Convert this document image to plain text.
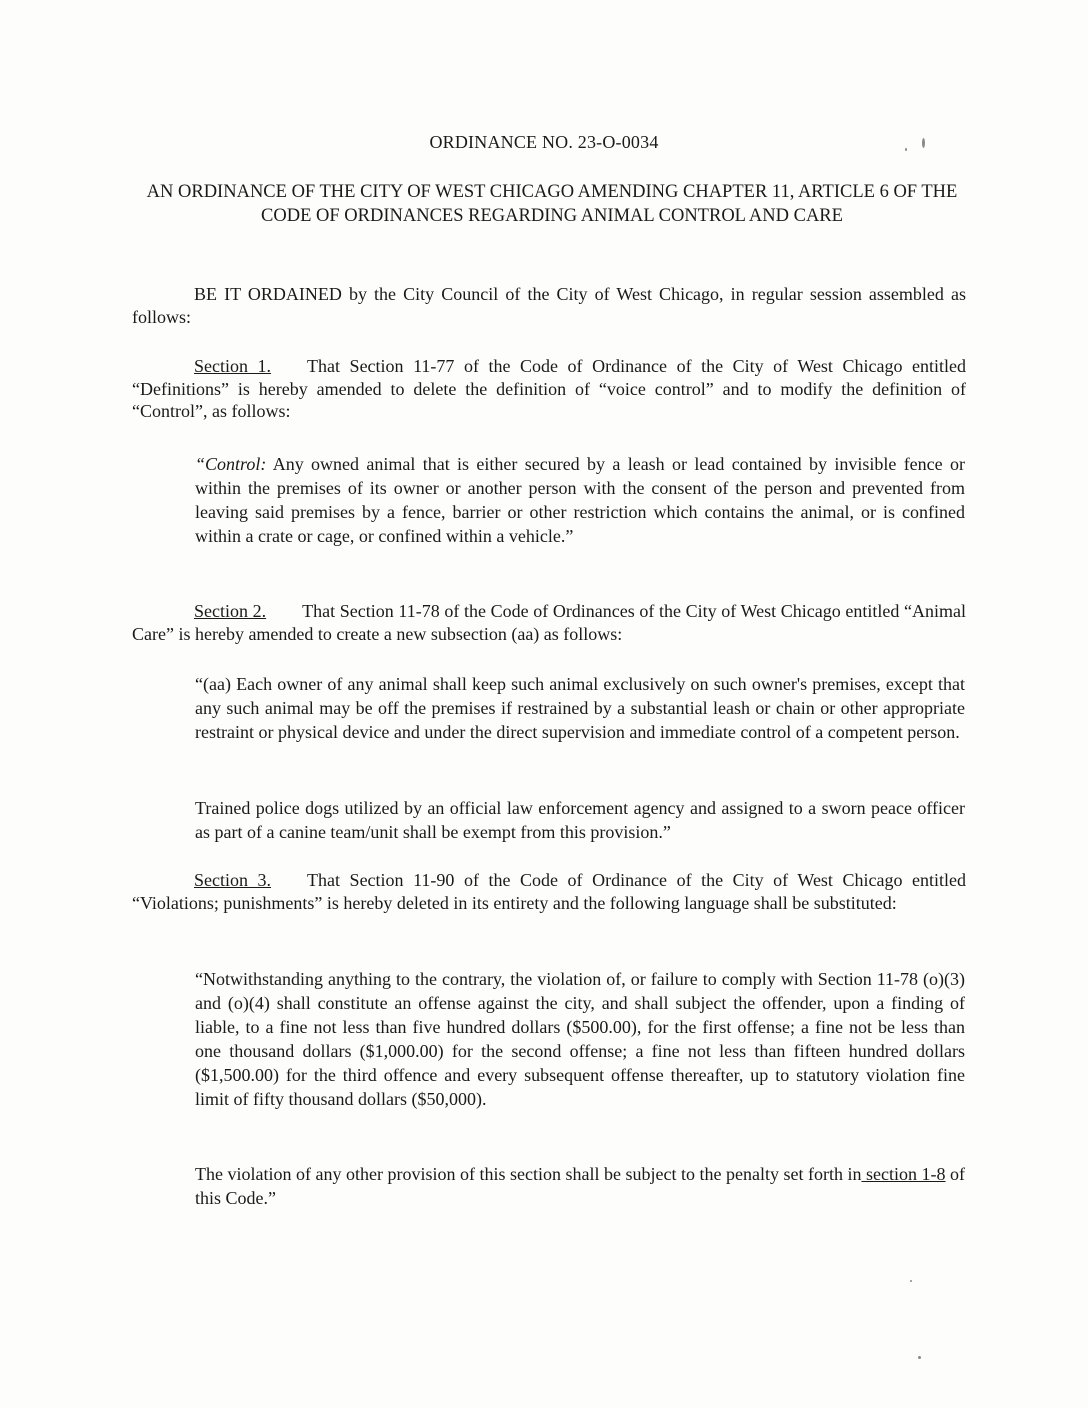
ORDINANCE NO. 23-O-0034
AN ORDINANCE OF THE CITY OF WEST CHICAGO AMENDING CHAPTER 11, ARTICLE 6 OF THE CODE OF ORDINANCES REGARDING ANIMAL CONTROL AND CARE
BE IT ORDAINED by the City Council of the City of West Chicago, in regular session assembled as follows:
Section 1. That Section 11-77 of the Code of Ordinance of the City of West Chicago entitled “Definitions” is hereby amended to delete the definition of “voice control” and to modify the definition of “Control”, as follows:
“Control: Any owned animal that is either secured by a leash or lead contained by invisible fence or within the premises of its owner or another person with the consent of the person and prevented from leaving said premises by a fence, barrier or other restriction which contains the animal, or is confined within a crate or cage, or confined within a vehicle.”
Section 2. That Section 11-78 of the Code of Ordinances of the City of West Chicago entitled “Animal Care” is hereby amended to create a new subsection (aa) as follows:
“(aa) Each owner of any animal shall keep such animal exclusively on such owner's premises, except that any such animal may be off the premises if restrained by a substantial leash or chain or other appropriate restraint or physical device and under the direct supervision and immediate control of a competent person.
Trained police dogs utilized by an official law enforcement agency and assigned to a sworn peace officer as part of a canine team/unit shall be exempt from this provision.”
Section 3. That Section 11-90 of the Code of Ordinance of the City of West Chicago entitled “Violations; punishments” is hereby deleted in its entirety and the following language shall be substituted:
“Notwithstanding anything to the contrary, the violation of, or failure to comply with Section 11-78 (o)(3) and (o)(4) shall constitute an offense against the city, and shall subject the offender, upon a finding of liable, to a fine not less than five hundred dollars ($500.00), for the first offense; a fine not be less than one thousand dollars ($1,000.00) for the second offense; a fine not less than fifteen hundred dollars ($1,500.00) for the third offence and every subsequent offense thereafter, up to statutory violation fine limit of fifty thousand dollars ($50,000).
The violation of any other provision of this section shall be subject to the penalty set forth in section 1-8 of this Code.”
